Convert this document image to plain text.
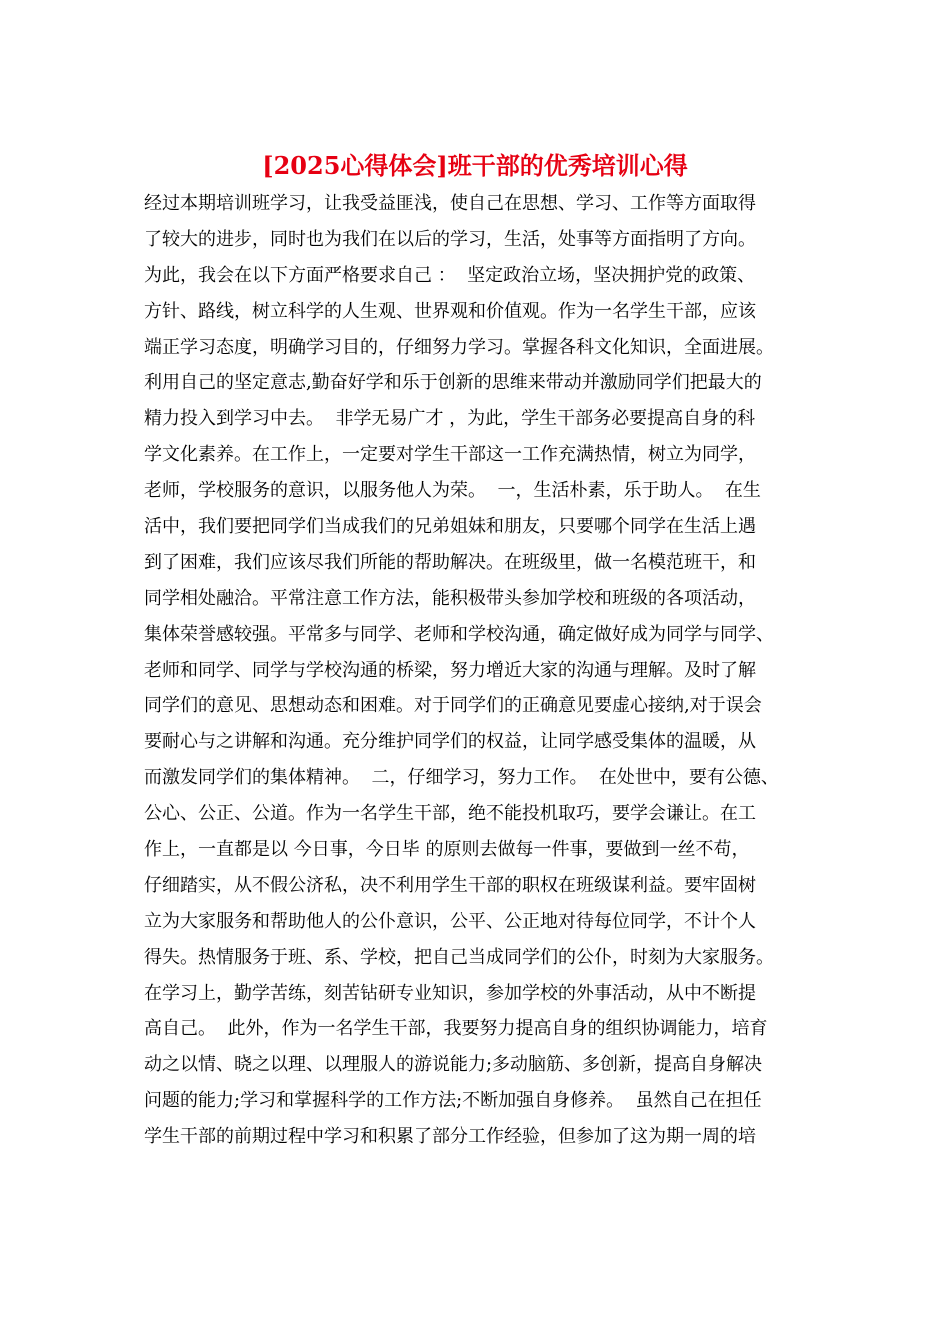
[2025心得体会]班干部的优秀培训心得
经过本期培训班学习，让我受益匪浅，使自己在思想、学习、工作等方面取得
了较大的进步，同时也为我们在以后的学习，生活，处事等方面指明了方向。
为此，我会在以下方面严格要求自己 ：  坚定政治立场，坚决拥护党的政策、
方针、路线，树立科学的人生观、世界观和价值观。作为一名学生干部，应该
端正学习态度，明确学习目的，仔细努力学习。掌握各科文化知识，全面进展。
利用自己的坚定意志,勤奋好学和乐于创新的思维来带动并激励同学们把最大的
精力投入到学习中去。  非学无易广才 ，为此，学生干部务必要提高自身的科
学文化素养。在工作上，一定要对学生干部这一工作充满热情，树立为同学，
老师，学校服务的意识，以服务他人为荣。  一，生活朴素，乐于助人。  在生
活中，我们要把同学们当成我们的兄弟姐妹和朋友，只要哪个同学在生活上遇
到了困难，我们应该尽我们所能的帮助解决。在班级里，做一名模范班干，和
同学相处融洽。平常注意工作方法，能积极带头参加学校和班级的各项活动，
集体荣誉感较强。平常多与同学、老师和学校沟通，确定做好成为同学与同学、
老师和同学、同学与学校沟通的桥梁，努力增近大家的沟通与理解。及时了解
同学们的意见、思想动态和困难。对于同学们的正确意见要虚心接纳,对于误会
要耐心与之讲解和沟通。充分维护同学们的权益，让同学感受集体的温暖，从
而激发同学们的集体精神。  二，仔细学习，努力工作。  在处世中，要有公德、
公心、公正、公道。作为一名学生干部，绝不能投机取巧，要学会谦让。在工
作上，一直都是以 今日事，今日毕 的原则去做每一件事，要做到一丝不苟，
仔细踏实，从不假公济私，决不利用学生干部的职权在班级谋利益。要牢固树
立为大家服务和帮助他人的公仆意识，公平、公正地对待每位同学，不计个人
得失。热情服务于班、系、学校，把自己当成同学们的公仆，时刻为大家服务。
在学习上，勤学苦练，刻苦钻研专业知识，参加学校的外事活动，从中不断提
高自己。  此外，作为一名学生干部，我要努力提高自身的组织协调能力，培育
动之以情、晓之以理、以理服人的游说能力;多动脑筋、多创新，提高自身解决
问题的能力;学习和掌握科学的工作方法;不断加强自身修养。  虽然自己在担任
学生干部的前期过程中学习和积累了部分工作经验，但参加了这为期一周的培
